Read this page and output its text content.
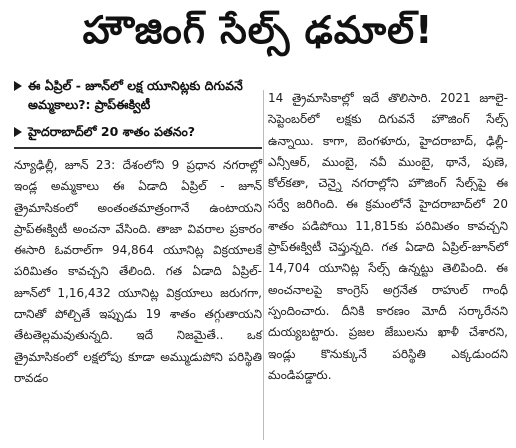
హౌజింగ్ సేల్స్ ఢమాల్!
ఈ ఏప్రిల్‌ - జూన్‌లో లక్ష యూనిట్లకు దిగువనే అమ్మకాలు?: ప్రాప్‌ఈక్విటీ
హైదరాబాద్‌లో 20 శాతం పతనం?
న్యూఢిల్లీ, జూన్‌ 23: దేశంలోని 9 ప్రధాన నగరాల్లో ఇండ్ల అమ్మకాలు ఈ ఏడాది ఏప్రిల్‌ - జూన్‌ త్రైమాసికంలో అంతంతమాత్రంగానే ఉంటాయని ప్రాప్‌ఈక్విటీ అంచనా వేసింది. తాజా వివరాల ప్రకారం ఈసారి ఓవరాల్‌గా 94,864 యూనిట్ల విక్రయాలకే పరిమితం కావచ్చని తేలింది. గత ఏడాది ఏప్రిల్‌-జూన్‌లో 1,16,432 యూనిట్ల విక్రయాలు జరుగగా, దానితో పోల్చితే ఇప్పుడు 19 శాతం తగ్గుతాయని తేటతెల్లమవుతున్నది. ఇదే నిజమైతే.. ఒక త్రైమాసికంలో లక్షలోపు కూడా అమ్ముడుపోని పరిస్థితి రావడం
14 త్రైమాసికాల్లో ఇదే తొలిసారి. 2021 జూలై-సెప్టెంబర్‌లో లక్షకు దిగువనే హౌజింగ్‌ సేల్స్‌ ఉన్నాయి. కాగా, బెంగళూరు, హైదరాబాద్‌, ఢిల్లీ-ఎన్సీఆర్‌, ముంబై, నవీ ముంబై, థానే, పుణె, కోల్‌కతా, చెన్నై నగరాల్లోని హౌజింగ్‌ సేల్స్‌పై ఈ సర్వే జరిగింది. ఈ క్రమంలోనే హైదరాబాద్‌లో 20 శాతం పడిపోయి 11,815కు పరిమితం కావచ్చని ప్రాప్‌ఈక్విటీ చెప్తున్నది. గత ఏడాది ఏప్రిల్‌-జూన్‌లో 14,704 యూనిట్ల సేల్స్‌ ఉన్నట్టు తెలిపింది. ఈ అంచనాలపై కాంగ్రెస్‌ అగ్రనేత రాహుల్‌ గాంధీ స్పందించారు. దీనికి కారణం మోదీ సర్కారేనని దుయ్యబట్టారు. ప్రజల జేబులను ఖాళీ చేశారని, ఇండ్లు కొనుక్కునే పరిస్థితి ఎక్కడుందని మండిపడ్డారు.
